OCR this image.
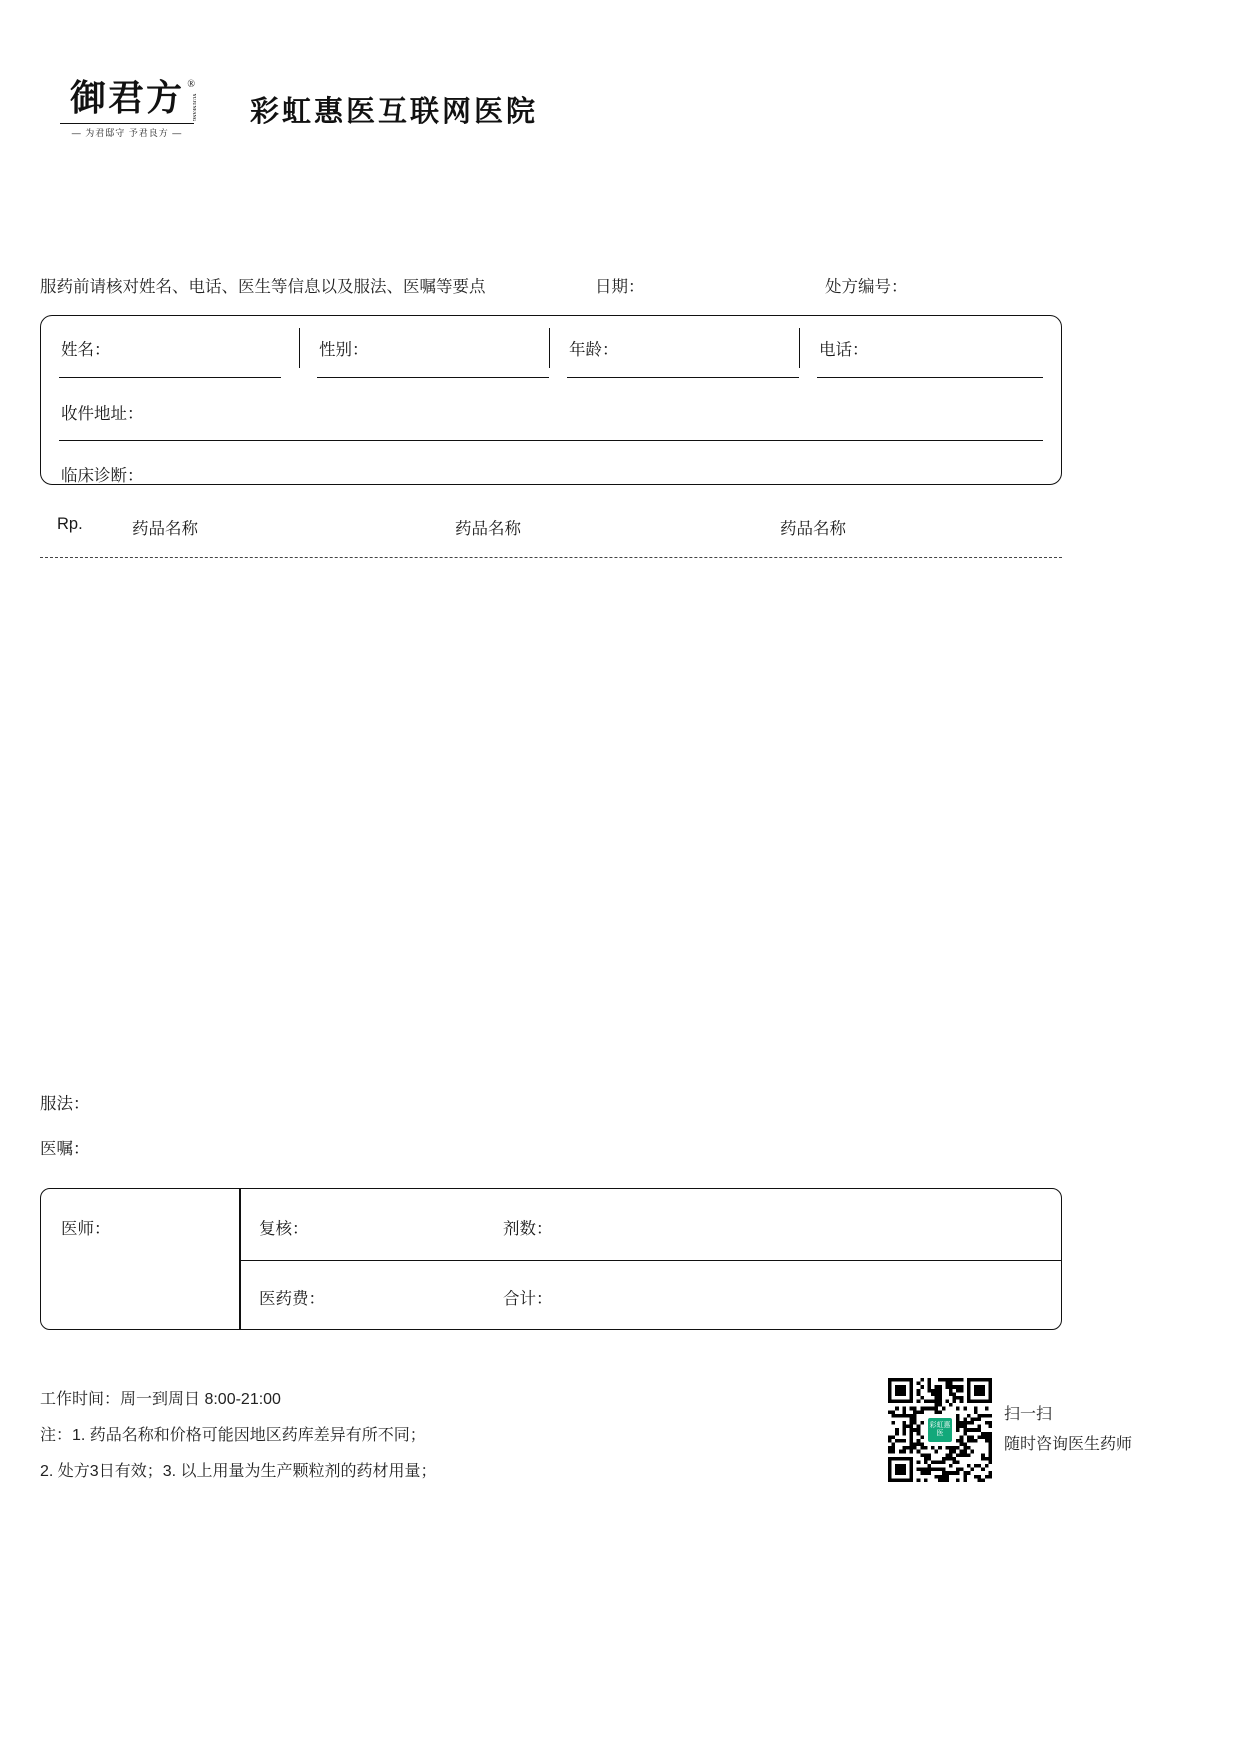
御君方 ®
YUJUNFANG
— 为君邸守 予君良方 —
彩虹惠医互联网医院
服药前请核对姓名、电话、医生等信息以及服法、医嘱等要点	日期：	处方编号：
姓名：	性别：	年龄：	电话：
收件地址：
临床诊断：
Rp.	药品名称	药品名称	药品名称
服法：
医嘱：
医师：	复核：	剂数：
医药费：	合计：
工作时间：周一到周日 8:00-21:00
注：1. 药品名称和价格可能因地区药库差异有所不同；
2. 处方3日有效；3. 以上用量为生产颗粒剂的药材用量；
彩虹惠医
扫一扫
随时咨询医生药师
